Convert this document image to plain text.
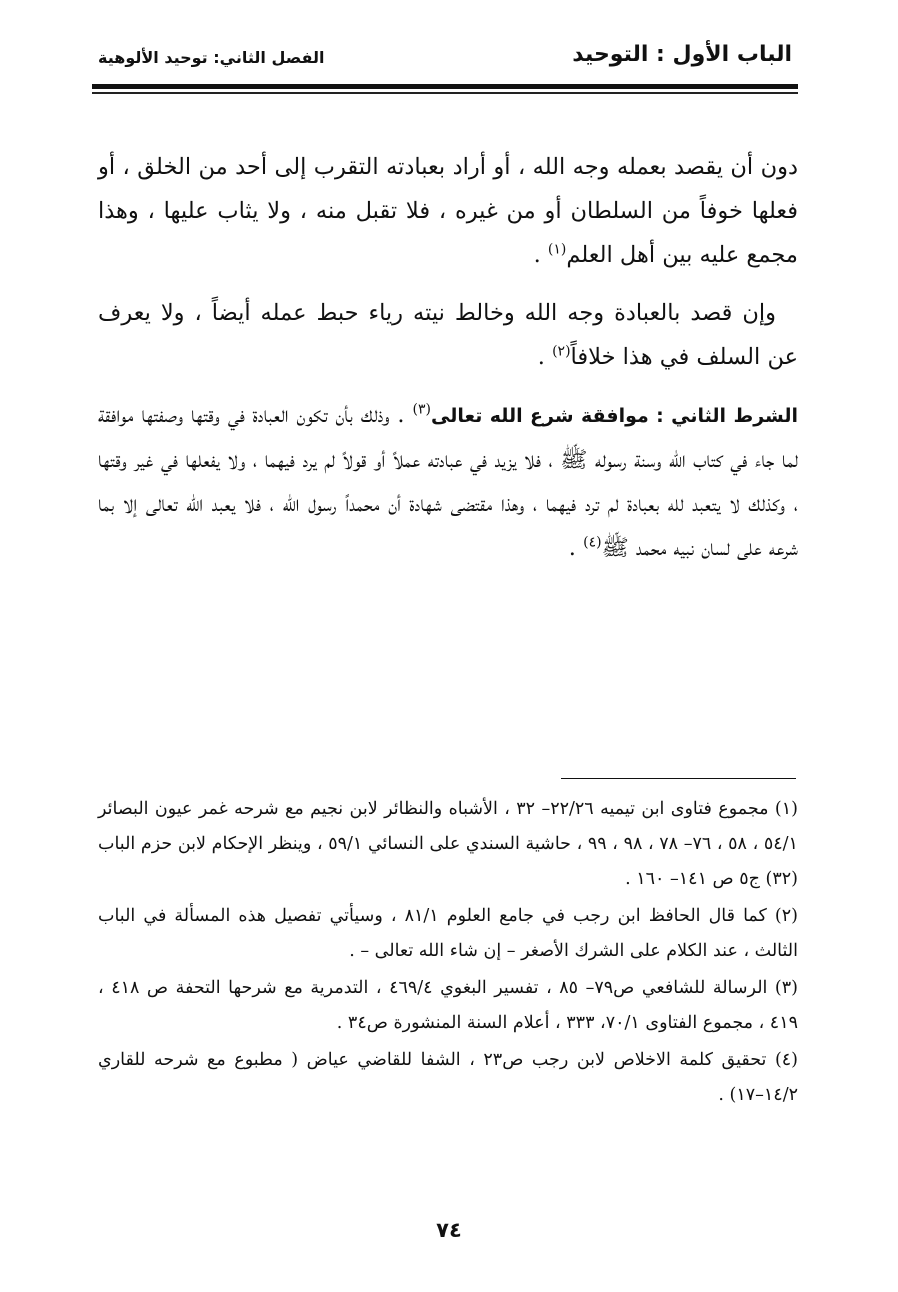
الباب الأول : التوحيد
الفصل الثاني: توحيد الألوهية

دون أن يقصد بعمله وجه الله ، أو أراد بعبادته التقرب إلى أحد من الخلق ، أو فعلها خوفاً من السلطان أو من غيره ، فلا تقبل منه ، ولا يثاب عليها ، وهذا مجمع عليه بين أهل العلم$^{(١)}$ .

وإن قصد بالعبادة وجه الله وخالط نيته رياء حبط عمله أيضاً ، ولا يعرف عن السلف في هذا خلافاً$^{(٢)}$ .

الشرط الثاني : موافقة شرع الله تعالى$^{(٣)}$ . وذلك بأن تكون العبادة في وقتها وصفتها موافقة لما جاء في كتاب الله وسنة رسوله ﷺ ، فلا يزيد في عبادته عملاً أو قولاً لم يرد فيهما ، ولا يفعلها في غير وقتها ، وكذلك لا يتعبد لله بعبادة لم ترد فيهما ، وهذا مقتضى شهادة أن محمداً رسول الله ، فلا يعبد الله تعالى إلا بما شرعه على لسان نبيه محمد ﷺ$^{(٤)}$ .

(١) مجموع فتاوى ابن تيميه ٢٢/٢٦– ٣٢ ، الأشباه والنظائر لابن نجيم مع شرحه غمر عيون البصائر ٥٤/١ ، ٥٨ ، ٧٦– ٧٨ ، ٩٨ ، ٩٩ ، حاشية السندي على النسائي ٥٩/١ ، وينظر الإحكام لابن حزم الباب (٣٢) ج٥ ص ١٤١– ١٦٠ .

(٢) كما قال الحافظ ابن رجب في جامع العلوم ٨١/١ ، وسيأتي تفصيل هذه المسألة في الباب الثالث ، عند الكلام على الشرك الأصغر – إن شاء الله تعالى – .

(٣) الرسالة للشافعي ص٧٩– ٨٥ ، تفسير البغوي ٤٦٩/٤ ، التدمرية مع شرحها التحفة ص ٤١٨ ، ٤١٩ ، مجموع الفتاوى ٧٠/١، ٣٣٣ ، أعلام السنة المنشورة ص٣٤ .

(٤) تحقيق كلمة الاخلاص لابن رجب ص٢٣ ، الشفا للقاضي عياض ( مطبوع مع شرحه للقاري ١٤/٢–١٧) .

٧٤
